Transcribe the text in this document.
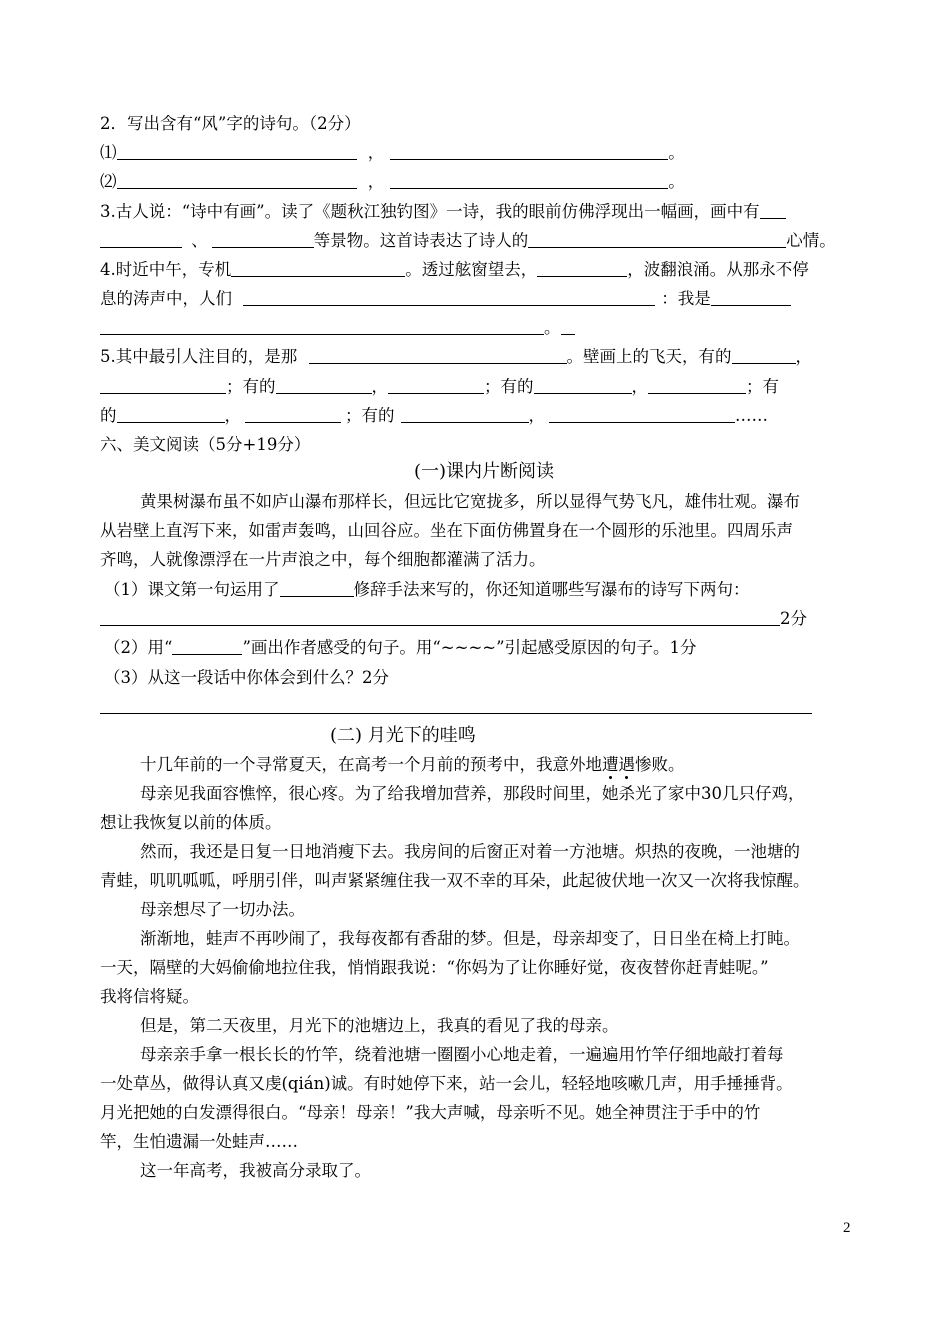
2．写出含有“风”字的诗句。（2分）
⑴	，	。
⑵	，	。
3.古人说：“诗中有画”。读了《题秋江独钓图》一诗，我的眼前仿佛浮现出一幅画，画中有
、	等景物。这首诗表达了诗人的	心情。
4.时近中午，专机	。透过舷窗望去，	，波翻浪涌。从那永不停
息的涛声中，人们	：我是
。
5.其中最引人注目的，是那	。壁画上的飞天，有的	，
；有的	，	；有的	，	；有
的	，	；有的	，	……
六、美文阅读（5分+19分）
(一)课内片断阅读
黄果树瀑布虽不如庐山瀑布那样长，但远比它宽拢多，所以显得气势飞凡，雄伟壮观。瀑布
从岩壁上直泻下来，如雷声轰鸣，山回谷应。坐在下面仿佛置身在一个圆形的乐池里。四周乐声
齐鸣，人就像漂浮在一片声浪之中，每个细胞都灌满了活力。
（1）课文第一句运用了	修辞手法来写的，你还知道哪些写瀑布的诗写下两句：
2分
（2）用“	”画出作者感受的句子。用“~~~~”引起感受原因的句子。1分
（3）从这一段话中你体会到什么？2分
(二) 月光下的哇鸣
十几年前的一个寻常夏天，在高考一个月前的预考中，我意外地遭遇惨败。
母亲见我面容憔悴，很心疼。为了给我增加营养，那段时间里，她杀光了家中30几只仔鸡，
想让我恢复以前的体质。
然而，我还是日复一日地消瘦下去。我房间的后窗正对着一方池塘。炽热的夜晚，一池塘的
青蛙，叽叽呱呱，呼朋引伴，叫声紧紧缠住我一双不幸的耳朵，此起彼伏地一次又一次将我惊醒。
母亲想尽了一切办法。
渐渐地，蛙声不再吵闹了，我每夜都有香甜的梦。但是，母亲却变了，日日坐在椅上打盹。
一天，隔壁的大妈偷偷地拉住我，悄悄跟我说：“你妈为了让你睡好觉，夜夜替你赶青蛙呢。”
我将信将疑。
但是，第二天夜里，月光下的池塘边上，我真的看见了我的母亲。
母亲亲手拿一根长长的竹竿，绕着池塘一圈圈小心地走着，一遍遍用竹竿仔细地敲打着每
一处草丛，做得认真又虔(qián)诚。有时她停下来，站一会儿，轻轻地咳嗽几声，用手捶捶背。
月光把她的白发漂得很白。“母亲！母亲！”我大声喊，母亲听不见。她全神贯注于手中的竹
竿，生怕遗漏一处蛙声……
这一年高考，我被高分录取了。
2
